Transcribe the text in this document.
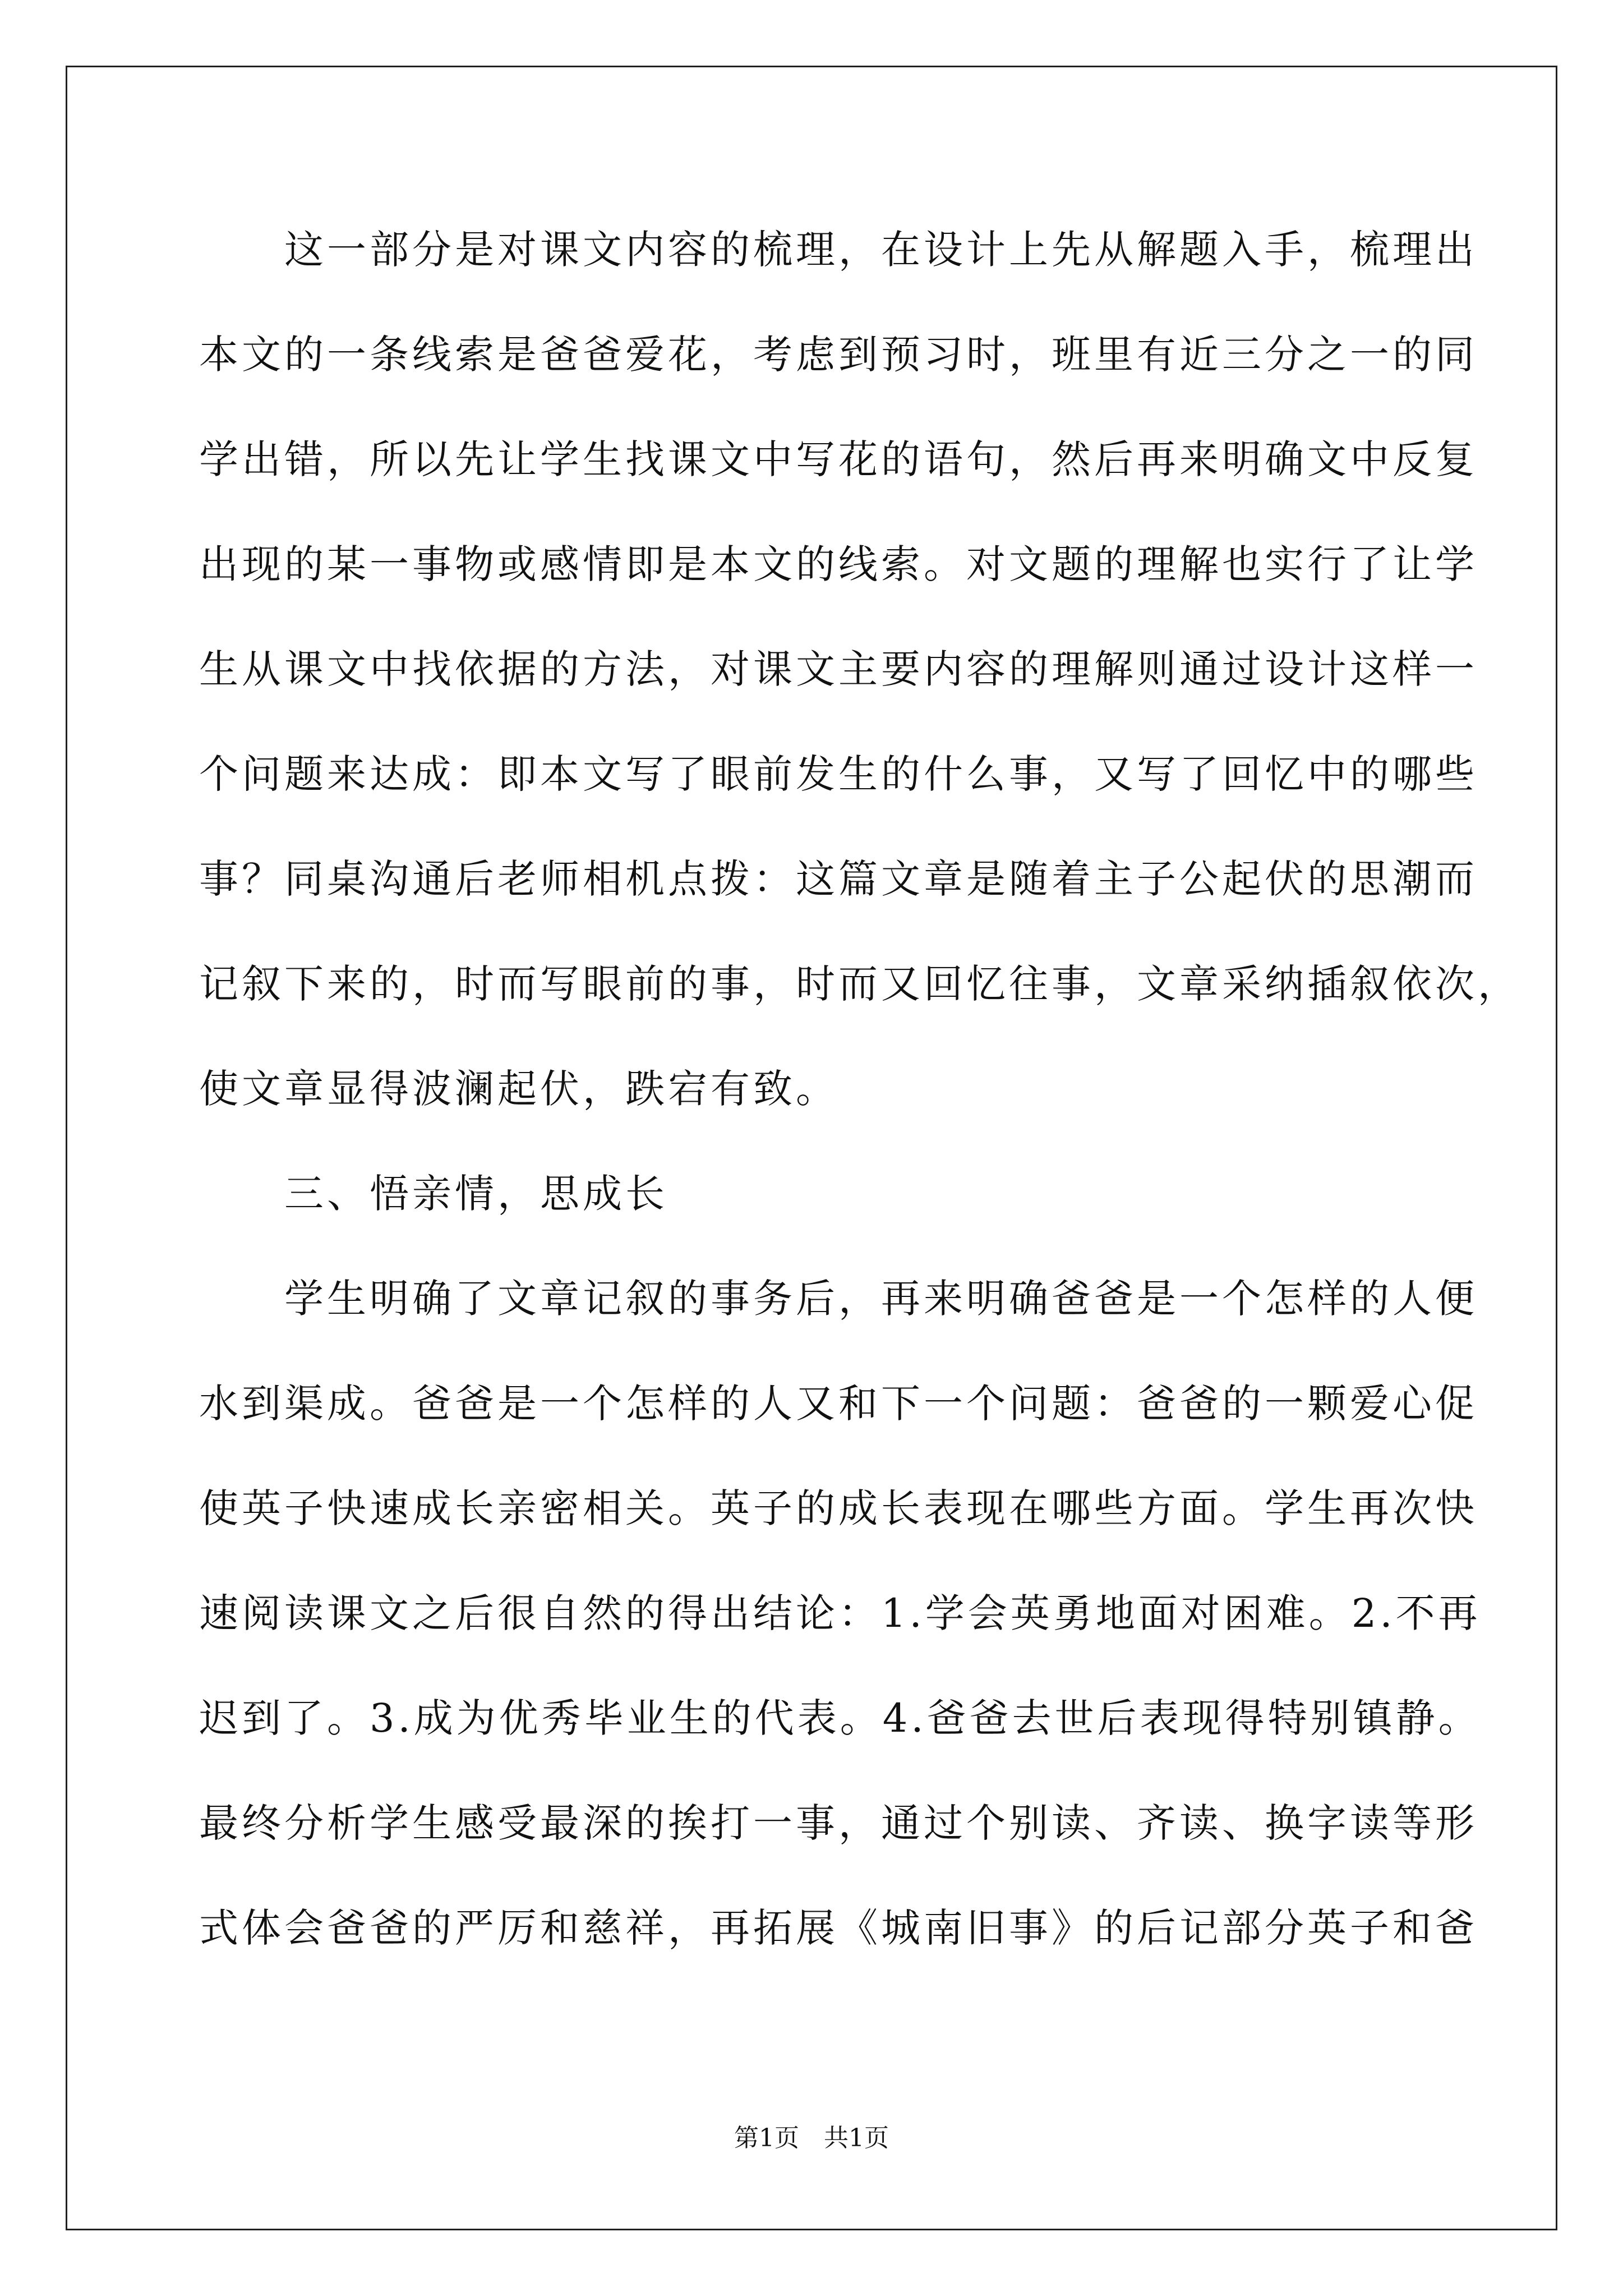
　　这一部分是对课文内容的梳理，在设计上先从解题入手，梳理出
本文的一条线索是爸爸爱花，考虑到预习时，班里有近三分之一的同
学出错，所以先让学生找课文中写花的语句，然后再来明确文中反复
出现的某一事物或感情即是本文的线索。对文题的理解也实行了让学
生从课文中找依据的方法，对课文主要内容的理解则通过设计这样一
个问题来达成：即本文写了眼前发生的什么事，又写了回忆中的哪些
事？同桌沟通后老师相机点拨：这篇文章是随着主子公起伏的思潮而
记叙下来的，时而写眼前的事，时而又回忆往事，文章采纳插叙依次，
使文章显得波澜起伏，跌宕有致。
　　三、悟亲情，思成长
　　学生明确了文章记叙的事务后，再来明确爸爸是一个怎样的人便
水到渠成。爸爸是一个怎样的人又和下一个问题：爸爸的一颗爱心促
使英子快速成长亲密相关。英子的成长表现在哪些方面。学生再次快
速阅读课文之后很自然的得出结论：1.学会英勇地面对困难。2.不再
迟到了。3.成为优秀毕业生的代表。4.爸爸去世后表现得特别镇静。
最终分析学生感受最深的挨打一事，通过个别读、齐读、换字读等形
式体会爸爸的严厉和慈祥，再拓展《城南旧事》的后记部分英子和爸
第1页　共1页
